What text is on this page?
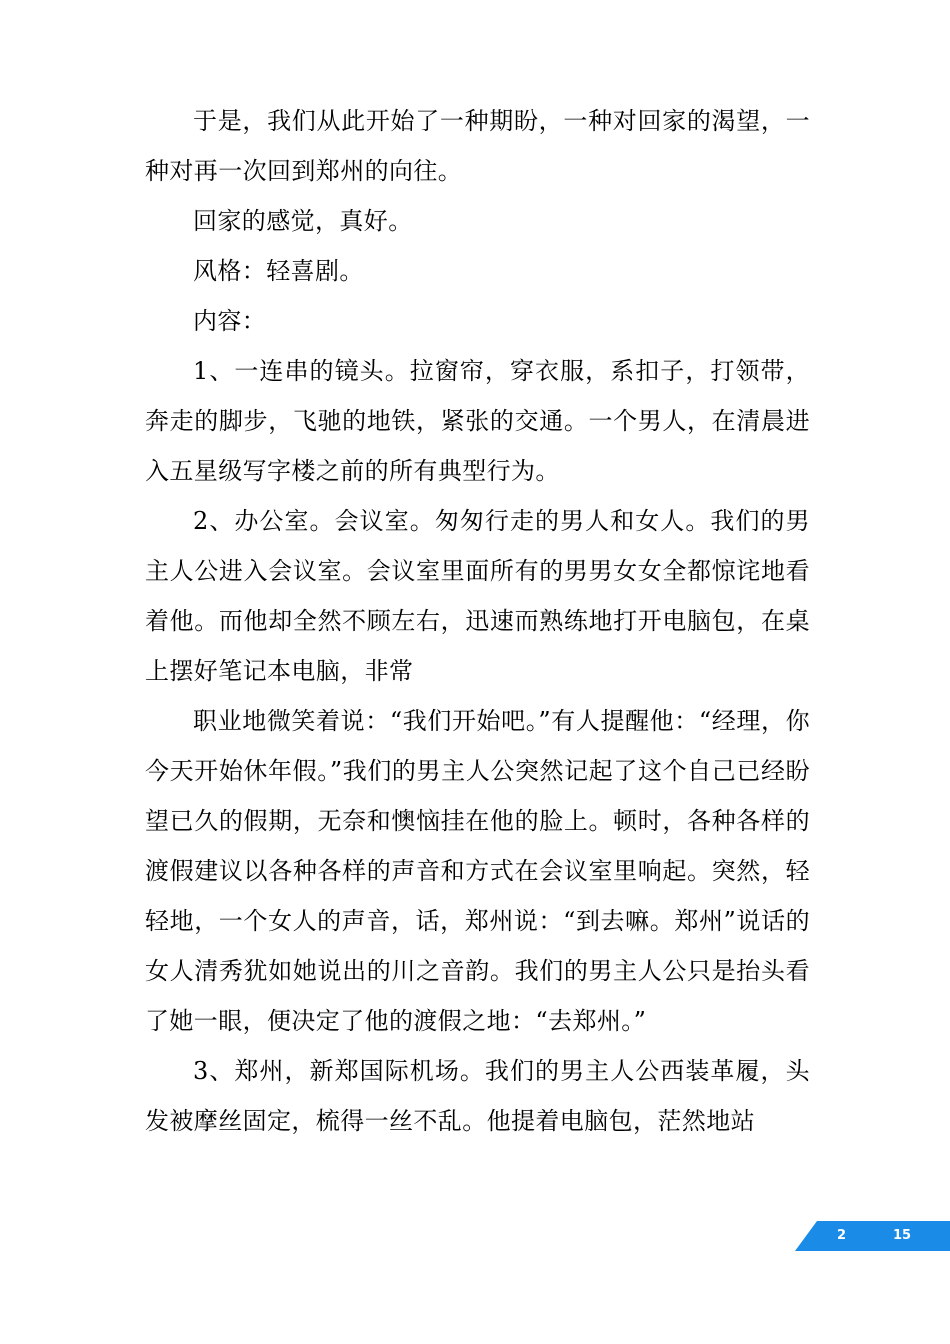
于是，我们从此开始了一种期盼，一种对回家的渴望，一种对再一次回到郑州的向往。

回家的感觉，真好。

风格：轻喜剧。

内容：

1、一连串的镜头。拉窗帘，穿衣服，系扣子，打领带，奔走的脚步，飞驰的地铁，紧张的交通。一个男人，在清晨进入五星级写字楼之前的所有典型行为。

2、办公室。会议室。匆匆行走的男人和女人。我们的男主人公进入会议室。会议室里面所有的男男女女全都惊诧地看着他。而他却全然不顾左右，迅速而熟练地打开电脑包，在桌上摆好笔记本电脑，非常

职业地微笑着说：“我们开始吧。”有人提醒他：“经理，你今天开始休年假。”我们的男主人公突然记起了这个自己已经盼望已久的假期，无奈和懊恼挂在他的脸上。顿时，各种各样的渡假建议以各种各样的声音和方式在会议室里响起。突然，轻轻地，一个女人的声音，话，郑州说：“到去嘛。郑州”说话的女人清秀犹如她说出的川之音韵。我们的男主人公只是抬头看了她一眼，便决定了他的渡假之地：“去郑州。”

3、郑州，新郑国际机场。我们的男主人公西装革履，头发被摩丝固定，梳得一丝不乱。他提着电脑包，茫然地站

2	15
